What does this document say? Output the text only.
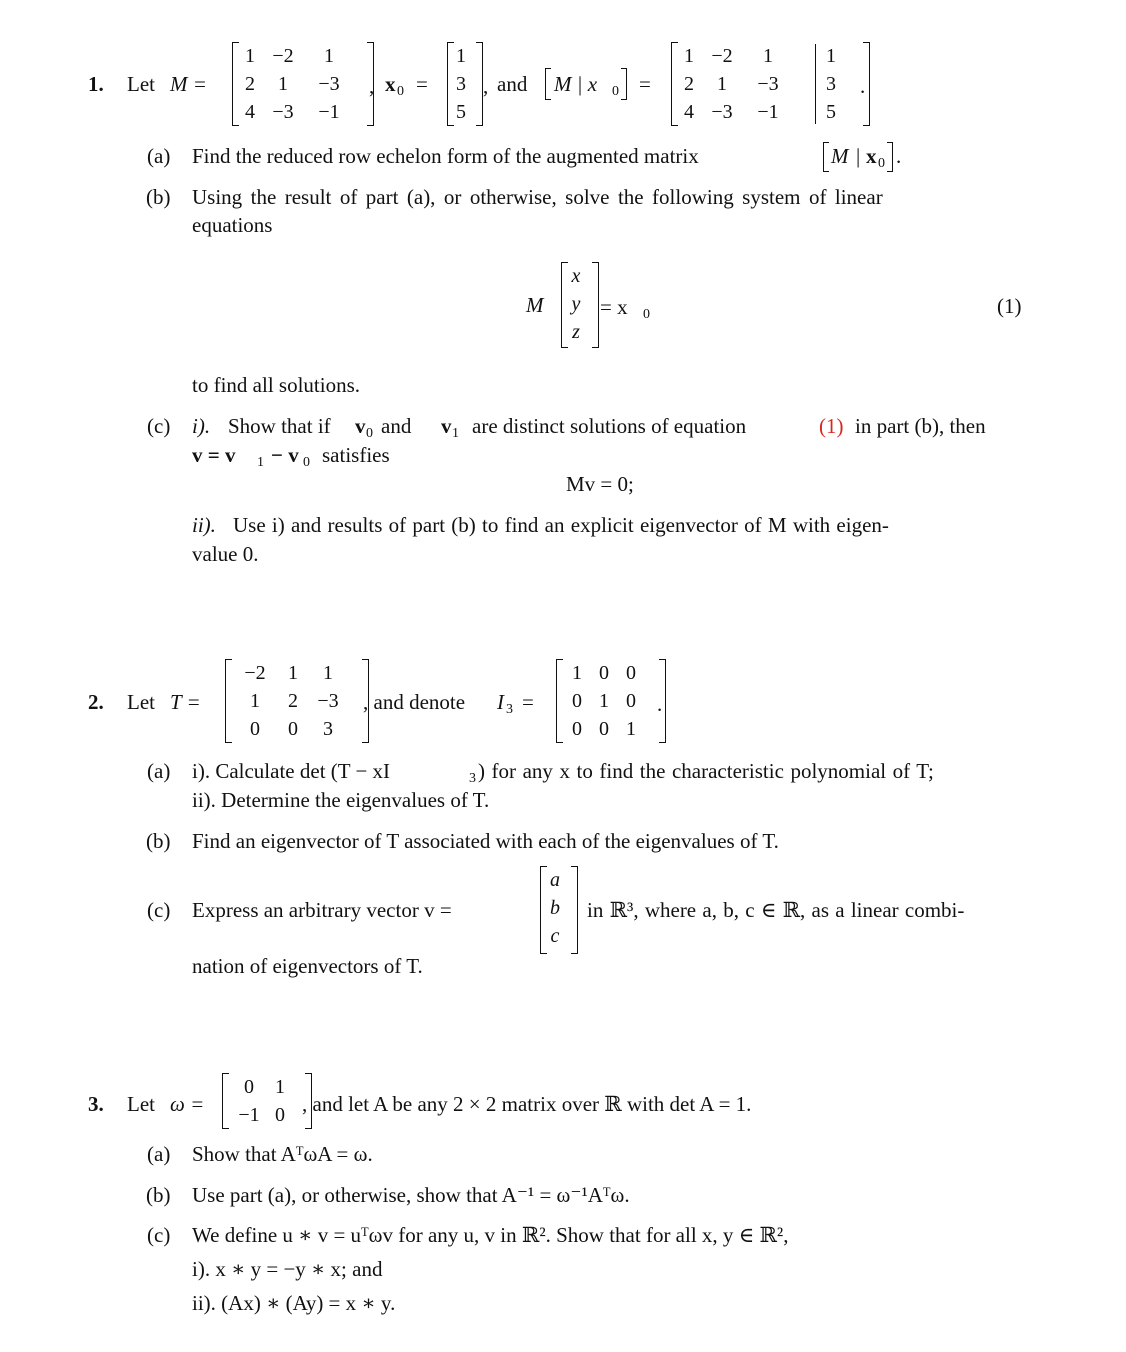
1. Let M =
1 −2	1
2	1	−3
4 −3	−1
, x 0 =
1
3
5
, and M | x 0 =
1 −2	1	1
2	1	−3	3
4 −3	−1	5
.
(a) Find the reduced row echelon form of the augmented matrix	M | x 0 .
(b) Using the result of part (a), or otherwise, solve the following system of linear
equations
M
x
y
z
= x 0	(1)
to find all solutions.
(c) i). Show that if v 0 and v 1 are distinct solutions of equation	(1) in part (b), then
v = v 1 − v 0 satisfies
Mv = 0;
ii). Use i) and results of part (b) to find an explicit eigenvector of M with eigen-
value 0.
2. Let T =
−2	1	1
1	2 −3
0	0	3
, and denote I 3 =
1 0 0
0 1 0
0 0 1
.
(a) i). Calculate det (T − xI	3 ) for any x to find the characteristic polynomial of T;
ii). Determine the eigenvalues of T.
(b) Find an eigenvector of T associated with each of the eigenvalues of T.
(c) Express an arbitrary vector v =
a
b
c
in ℝ³, where a, b, c ∈ ℝ, as a linear combi-
nation of eigenvectors of T.
3. Let ω =
0	1
−1 0 , and let A be any 2 × 2 matrix over ℝ with det A = 1.
(a) Show that AᵀωA = ω.
(b) Use part (a), or otherwise, show that A⁻¹ = ω⁻¹Aᵀω.
(c) We define u ∗ v = uᵀωv for any u, v in ℝ². Show that for all x, y ∈ ℝ²,
i). x ∗ y = −y ∗ x; and
ii). (Ax) ∗ (Ay) = x ∗ y.
